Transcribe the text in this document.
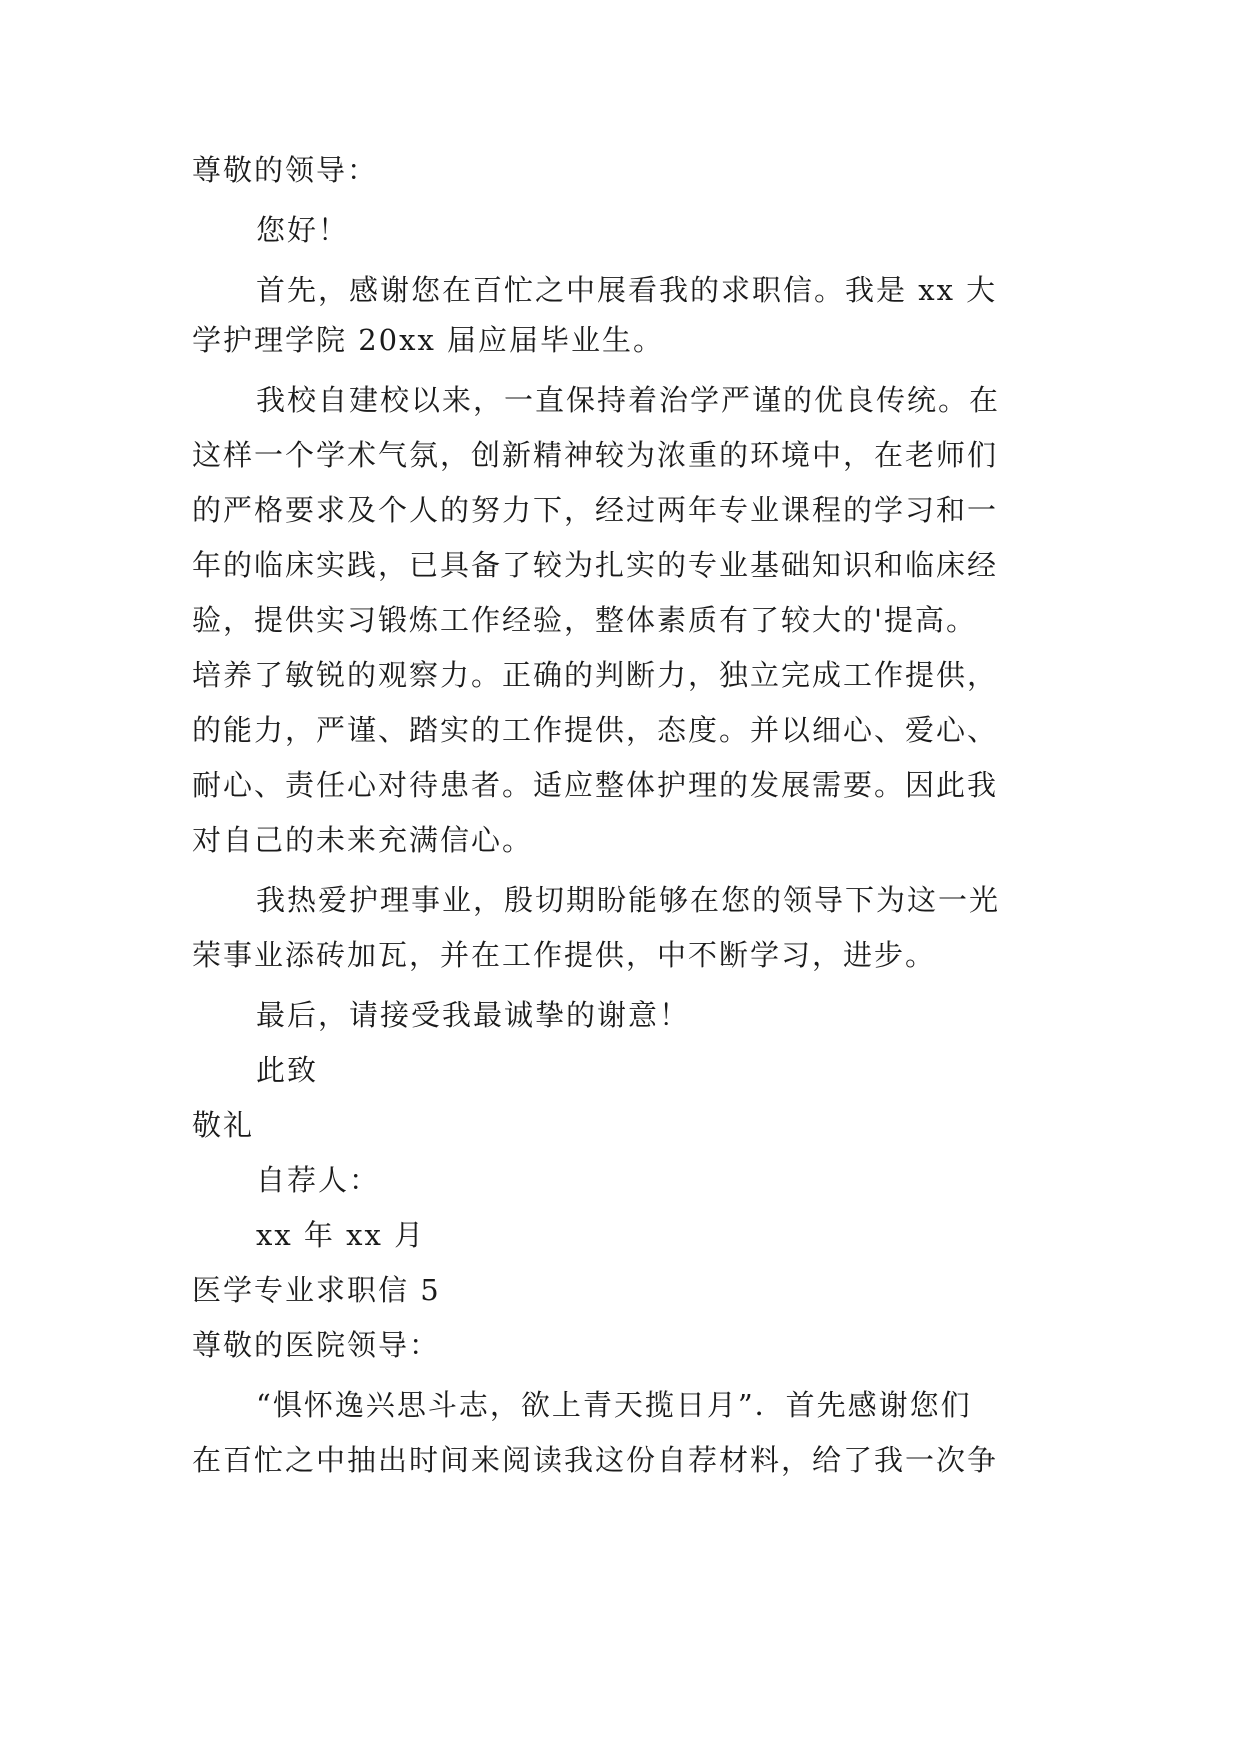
尊敬的领导：
您好！
首先，感谢您在百忙之中展看我的求职信。我是 xx 大
学护理学院 20xx 届应届毕业生。
我校自建校以来，一直保持着治学严谨的优良传统。在
这样一个学术气氛，创新精神较为浓重的环境中，在老师们
的严格要求及个人的努力下，经过两年专业课程的学习和一
年的临床实践，已具备了较为扎实的专业基础知识和临床经
验，提供实习锻炼工作经验，整体素质有了较大的'提高。
培养了敏锐的观察力。正确的判断力，独立完成工作提供，
的能力，严谨、踏实的工作提供，态度。并以细心、爱心、
耐心、责任心对待患者。适应整体护理的发展需要。因此我
对自己的未来充满信心。
我热爱护理事业，殷切期盼能够在您的领导下为这一光
荣事业添砖加瓦，并在工作提供，中不断学习，进步。
最后，请接受我最诚挚的谢意！
此致
敬礼
自荐人：
xx 年 xx 月
医学专业求职信 5
尊敬的医院领导：
“惧怀逸兴思斗志，欲上青天揽日月”．首先感谢您们
在百忙之中抽出时间来阅读我这份自荐材料，给了我一次争
